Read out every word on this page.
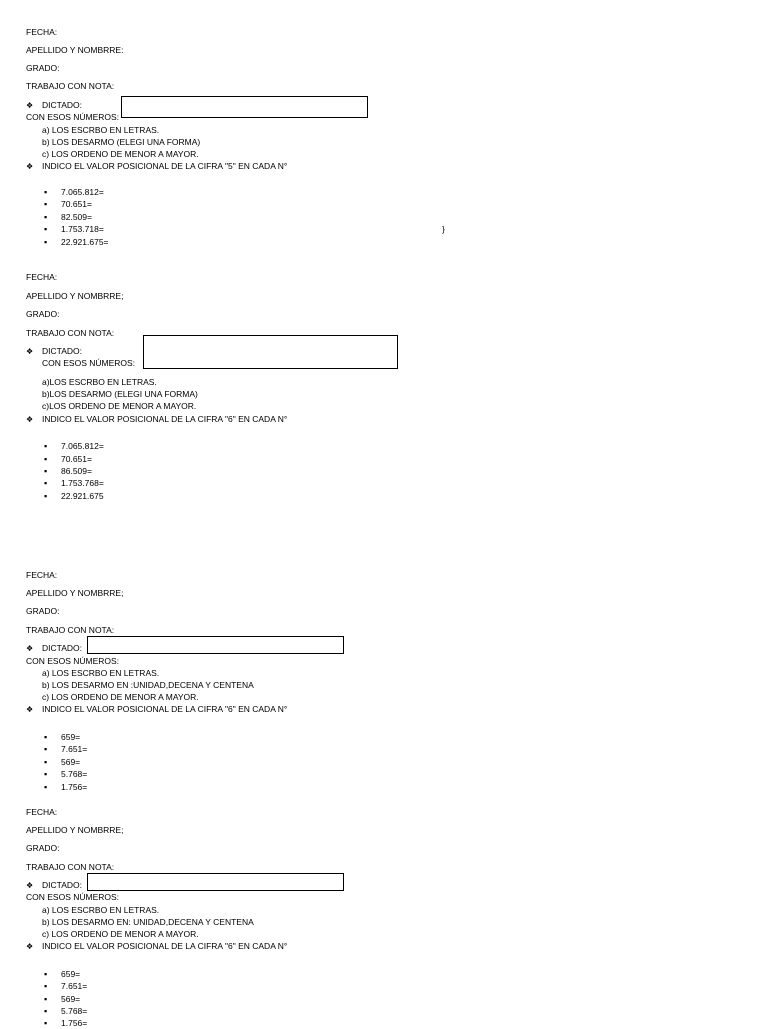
FECHA:
APELLIDO Y NOMBRRE:
GRADO:
TRABAJO CON NOTA:
❖ DICTADO:
CON ESOS NÚMEROS:
a) LOS ESCRBO EN LETRAS.
b) LOS DESARMO (ELEGI UNA FORMA)
c) LOS ORDENO DE MENOR A MAYOR.
❖ INDICO EL VALOR POSICIONAL DE LA CIFRA "5" EN CADA N°
▪ 7.065.812=
▪ 70.651=
▪ 82.509=
▪ 1.753.718=
▪ 22.921.675=
}
FECHA:
APELLIDO Y NOMBRRE;
GRADO:
TRABAJO CON NOTA:
❖ DICTADO:
CON ESOS NÚMEROS:
a)LOS ESCRBO EN LETRAS.
b)LOS DESARMO (ELEGI UNA FORMA)
c)LOS ORDENO DE MENOR A MAYOR.
❖ INDICO EL VALOR POSICIONAL DE LA CIFRA "6" EN CADA N°
▪ 7.065.812=
▪ 70.651=
▪ 86.509=
▪ 1.753.768=
▪ 22.921.675
FECHA:
APELLIDO Y NOMBRRE;
GRADO:
TRABAJO CON NOTA:
❖ DICTADO:
CON ESOS NÚMEROS:
a) LOS ESCRBO EN LETRAS.
b) LOS DESARMO EN :UNIDAD,DECENA Y CENTENA
c) LOS ORDENO DE MENOR A MAYOR.
❖ INDICO EL VALOR POSICIONAL DE LA CIFRA "6" EN CADA N°
▪ 659=
▪ 7.651=
▪ 569=
▪ 5.768=
▪ 1.756=
FECHA:
APELLIDO Y NOMBRRE;
GRADO:
TRABAJO CON NOTA:
❖ DICTADO:
CON ESOS NÚMEROS:
a) LOS ESCRBO EN LETRAS.
b) LOS DESARMO EN: UNIDAD,DECENA Y CENTENA
c) LOS ORDENO DE MENOR A MAYOR.
❖ INDICO EL VALOR POSICIONAL DE LA CIFRA "6" EN CADA N°
▪ 659=
▪ 7.651=
▪ 569=
▪ 5.768=
▪ 1.756=
